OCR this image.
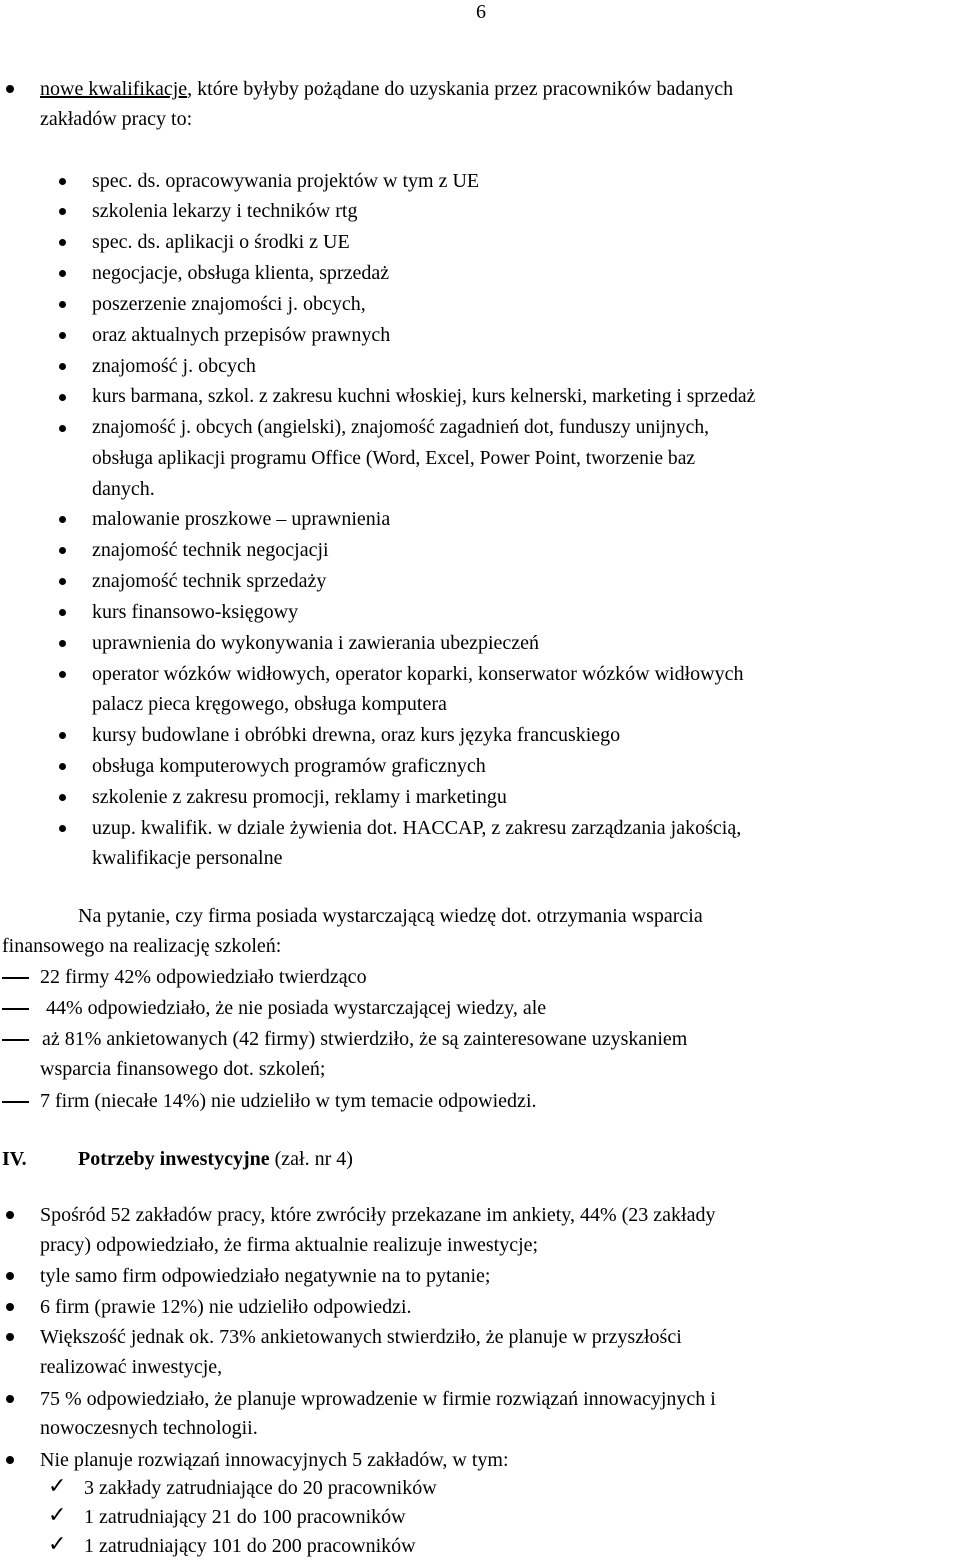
6
nowe kwalifikacje, które byłyby pożądane do uzyskania przez pracowników badanych
zakładów pracy to:
spec. ds. opracowywania projektów w tym z UE
szkolenia lekarzy i techników rtg
spec. ds. aplikacji o środki z UE
negocjacje, obsługa klienta, sprzedaż
poszerzenie znajomości j. obcych,
oraz aktualnych przepisów prawnych
znajomość j. obcych
kurs barmana, szkol. z zakresu kuchni włoskiej, kurs kelnerski, marketing i sprzedaż
znajomość j. obcych (angielski), znajomość zagadnień dot, funduszy unijnych,
obsługa aplikacji programu Office (Word, Excel, Power Point, tworzenie baz
danych.
malowanie proszkowe – uprawnienia
znajomość technik negocjacji
znajomość technik sprzedaży
kurs finansowo-księgowy
uprawnienia do wykonywania i zawierania ubezpieczeń
operator wózków widłowych, operator koparki, konserwator wózków widłowych
palacz pieca kręgowego, obsługa komputera
kursy budowlane i obróbki drewna, oraz kurs języka francuskiego
obsługa komputerowych programów graficznych
szkolenie z zakresu promocji, reklamy i marketingu
uzup. kwalifik. w dziale żywienia dot. HACCAP, z zakresu zarządzania jakością,
kwalifikacje personalne
Na pytanie, czy firma posiada wystarczającą wiedzę dot. otrzymania wsparcia
finansowego na realizację szkoleń:
22 firmy 42% odpowiedziało twierdząco
44% odpowiedziało, że nie posiada wystarczającej wiedzy, ale
aż 81% ankietowanych (42 firmy) stwierdziło, że są zainteresowane uzyskaniem
wsparcia finansowego dot. szkoleń;
7 firm (niecałe 14%) nie udzieliło w tym temacie odpowiedzi.
IV.	Potrzeby inwestycyjne (zał. nr 4)
Spośród 52 zakładów pracy, które zwróciły przekazane im ankiety, 44% (23 zakłady
pracy) odpowiedziało, że firma aktualnie realizuje inwestycje;
tyle samo firm odpowiedziało negatywnie na to pytanie;
6 firm (prawie 12%) nie udzieliło odpowiedzi.
Większość jednak ok. 73% ankietowanych stwierdziło, że planuje w przyszłości
realizować inwestycje,
75 % odpowiedziało, że planuje wprowadzenie w firmie rozwiązań innowacyjnych i
nowoczesnych technologii.
Nie planuje rozwiązań innowacyjnych 5 zakładów, w tym:
✓ 3 zakłady zatrudniające do 20 pracowników
✓ 1 zatrudniający 21 do 100 pracowników
✓ 1 zatrudniający 101 do 200 pracowników
